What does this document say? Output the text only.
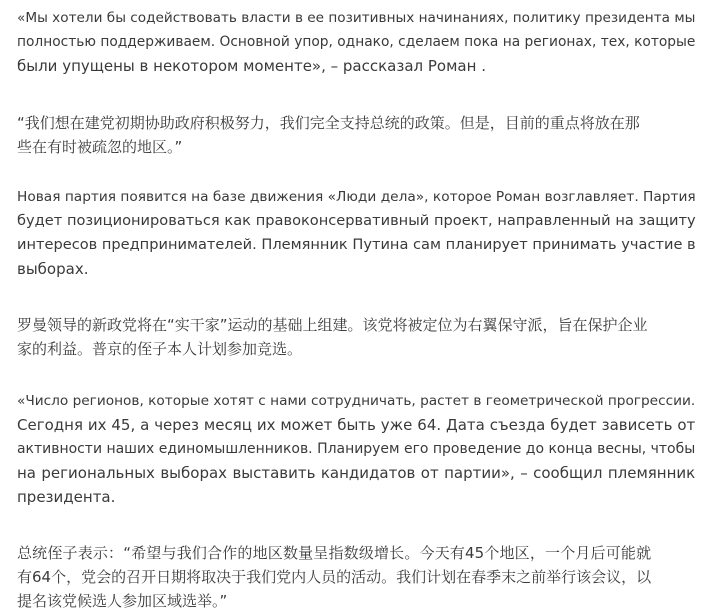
«Мы хотели бы содействовать власти в ее позитивных начинаниях, политику президента мы
полностью поддерживаем. Основной упор, однако, сделаем пока на регионах, тех, которые
были упущены в некотором моменте», – рассказал Роман .

“我们想在建党初期协助政府积极努力，我们完全支持总统的政策。但是，目前的重点将放在那
些在有时被疏忽的地区。”

Новая партия появится на базе движения «Люди дела», которое Роман возглавляет. Партия
будет позиционироваться как правоконсервативный проект, направленный на защиту
интересов предпринимателей. Племянник Путина сам планирует принимать участие в
выборах.

罗曼领导的新政党将在“实干家”运动的基础上组建。该党将被定位为右翼保守派，旨在保护企业
家的利益。普京的侄子本人计划参加竞选。

«Число регионов, которые хотят с нами сотрудничать, растет в геометрической прогрессии.
Сегодня их 45, а через месяц их может быть уже 64. Дата съезда будет зависеть от
активности наших единомышленников. Планируем его проведение до конца весны, чтобы
на региональных выборах выставить кандидатов от партии», – сообщил племянник
президента.

总统侄子表示：“希望与我们合作的地区数量呈指数级增长。今天有45个地区，一个月后可能就
有64个，党会的召开日期将取决于我们党内人员的活动。我们计划在春季末之前举行该会议，以
提名该党候选人参加区域选举。”
